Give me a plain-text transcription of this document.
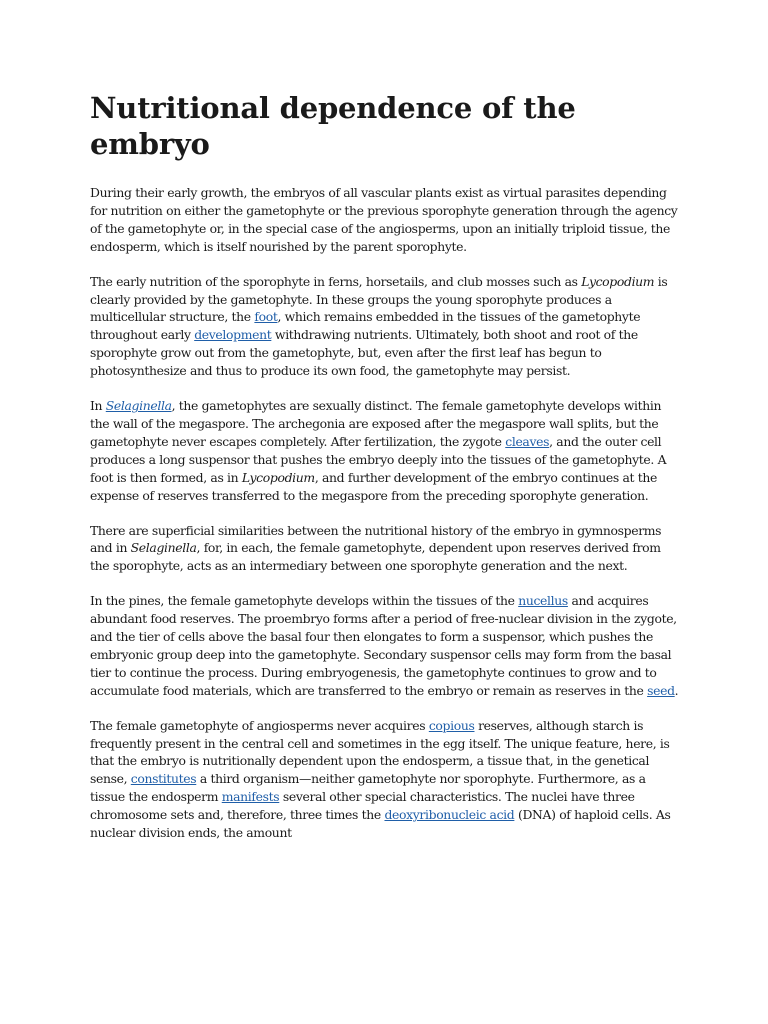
Nutritional dependence of the embryo

During their early growth, the embryos of all vascular plants exist as virtual parasites depending for nutrition on either the gametophyte or the previous sporophyte generation through the agency of the gametophyte or, in the special case of the angiosperms, upon an initially triploid tissue, the endosperm, which is itself nourished by the parent sporophyte.

The early nutrition of the sporophyte in ferns, horsetails, and club mosses such as Lycopodium is clearly provided by the gametophyte. In these groups the young sporophyte produces a multicellular structure, the foot, which remains embedded in the tissues of the gametophyte throughout early development withdrawing nutrients. Ultimately, both shoot and root of the sporophyte grow out from the gametophyte, but, even after the first leaf has begun to photosynthesize and thus to produce its own food, the gametophyte may persist.

In Selaginella, the gametophytes are sexually distinct. The female gametophyte develops within the wall of the megaspore. The archegonia are exposed after the megaspore wall splits, but the gametophyte never escapes completely. After fertilization, the zygote cleaves, and the outer cell produces a long suspensor that pushes the embryo deeply into the tissues of the gametophyte. A foot is then formed, as in Lycopodium, and further development of the embryo continues at the expense of reserves transferred to the megaspore from the preceding sporophyte generation.

There are superficial similarities between the nutritional history of the embryo in gymnosperms and in Selaginella, for, in each, the female gametophyte, dependent upon reserves derived from the sporophyte, acts as an intermediary between one sporophyte generation and the next.

In the pines, the female gametophyte develops within the tissues of the nucellus and acquires abundant food reserves. The proembryo forms after a period of free-nuclear division in the zygote, and the tier of cells above the basal four then elongates to form a suspensor, which pushes the embryonic group deep into the gametophyte. Secondary suspensor cells may form from the basal tier to continue the process. During embryogenesis, the gametophyte continues to grow and to accumulate food materials, which are transferred to the embryo or remain as reserves in the seed.

The female gametophyte of angiosperms never acquires copious reserves, although starch is frequently present in the central cell and sometimes in the egg itself. The unique feature, here, is that the embryo is nutritionally dependent upon the endosperm, a tissue that, in the genetical sense, constitutes a third organism—neither gametophyte nor sporophyte. Furthermore, as a tissue the endosperm manifests several other special characteristics. The nuclei have three chromosome sets and, therefore, three times the deoxyribonucleic acid (DNA) of haploid cells. As nuclear division ends, the amount
